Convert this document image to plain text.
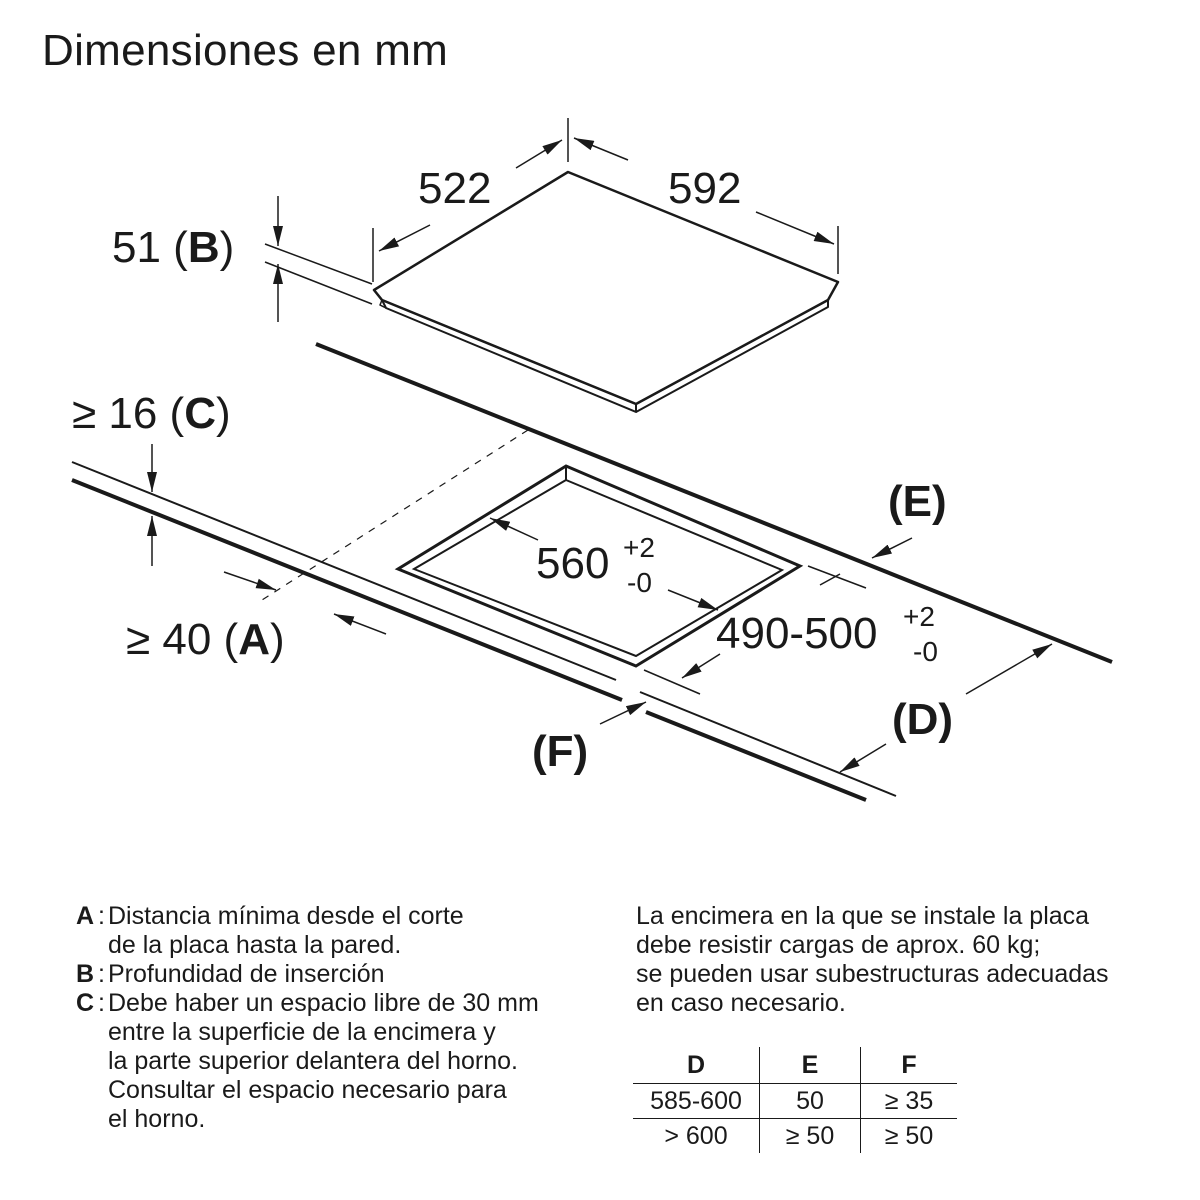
Dimensiones en mm
522	592
51 (B)
560 +2
-0
490-500 +2
-0
≥ 16 (C)
≥ 40 (A)
(E)
(D)
(F)
A : Distancia mínima desde el corte
de la placa hasta la pared.
B : Profundidad de inserción
C : Debe haber un espacio libre de 30 mm
entre la superficie de la encimera y
la parte superior delantera del horno.
Consultar el espacio necesario para
el horno.
La encimera en la que se instale la placa
debe resistir cargas de aprox. 60 kg;
se pueden usar subestructuras adecuadas
en caso necesario.
D	E	F
585-600	50	≥ 35
> 600	≥ 50	≥ 50
